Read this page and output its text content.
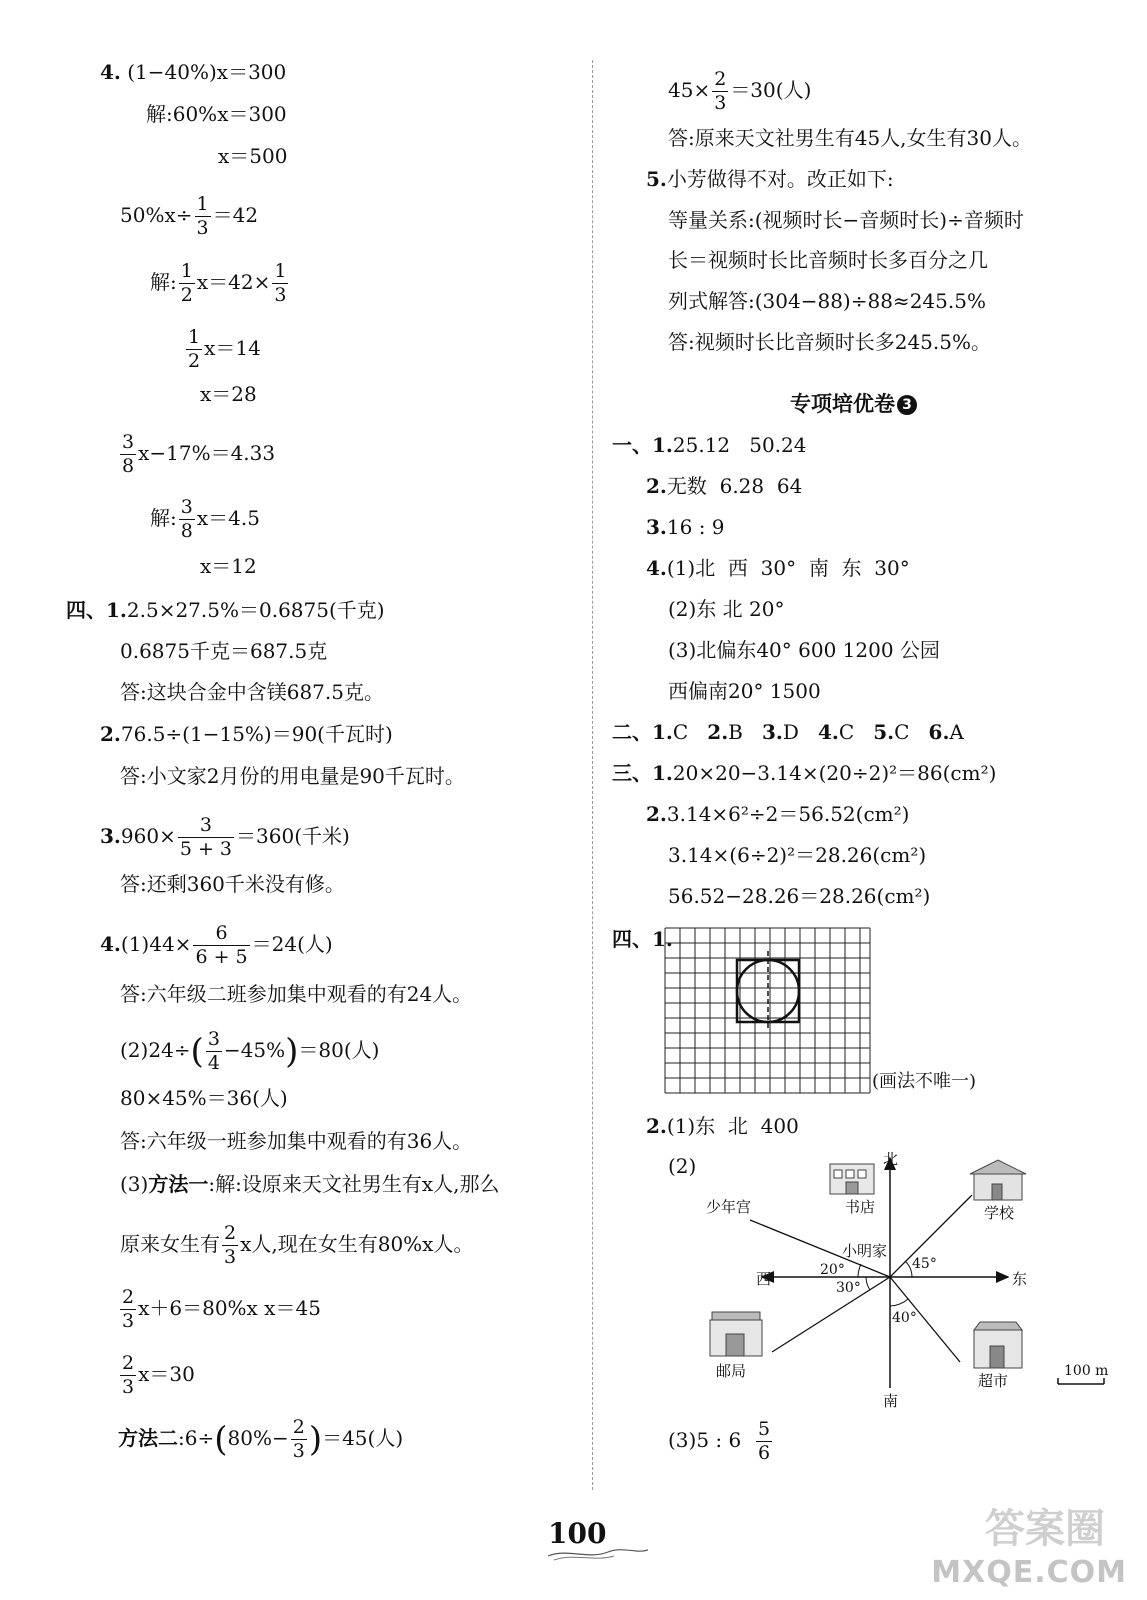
4. (1−40%)x＝300
解:60%x＝300
x＝500
$50\%x\div \frac{1}{3} =42$
解: $\frac{1}{2} x=42\times \frac{1}{3}$
$\frac{1}{2} x=14$
x＝28
$\frac{3}{8} x-17\%=4.33$
解: $\frac{3}{8} x=4.5$
x＝12
四、1.2.5×27.5%＝0.6875(千克)
0.6875千克＝687.5克
答:这块合金中含镁687.5克。
2.76.5÷(1−15%)＝90(千瓦时)
答:小文家2月份的用电量是90千瓦时。
$3.960\times \frac{3}{5 + 3} =360$(千米)
答:还剩360千米没有修。
$4.(1)44\times \frac{6}{6 + 5} =24$(人)
答:六年级二班参加集中观看的有24人。
$(2)24\div( \frac{3}{4} -45\%)=80$(人)
80×45%＝36(人)
答:六年级一班参加集中观看的有36人。
(3)方法一:解:设原来天文社男生有x人,那么
原来女生有 $\frac{2}{3}$ x人,现在女生有80%x人。
$\frac{2}{3} x+6=80\%x$ x＝45
$\frac{2}{3} x=30$
方法二:6÷(80%− $\frac{2}{3} )=45$(人)
$45\times \frac{2}{3} =30$(人)
答:原来天文社男生有45人,女生有30人。
5.小芳做得不对。改正如下:
等量关系:(视频时长−音频时长)÷音频时
长＝视频时长比音频时长多百分之几
列式解答:(304−88)÷88≈245.5%
答:视频时长比音频时长多245.5%。
专项培优卷 3
一、1.25.12   50.24
2.无数  6.28  64
3.16 : 9
4.(1)北  西  30°  南  东  30°
(2)东 北 20°
(3)北偏东40° 600 1200 公园
西偏南20° 1500
二、1.C 2.B 3.D 4.C 5.C 6.A
三、1.20×20−3.14×(20÷2)²＝86(cm²)
2.3.14×6²÷2＝56.52(cm²)
3.14×(6÷2)²＝28.26(cm²)
56.52−28.26＝28.26(cm²)
四、1.
(画法不唯一)
2.(1)东  北  400
(2)	北
南
东
西
小明家
少年宫	书店	学校
邮局
超市
20°
30°
45°
40°
100 m
(3)5 : $6 \frac{5}{6}$
100	答案圈
MXQE.COM
